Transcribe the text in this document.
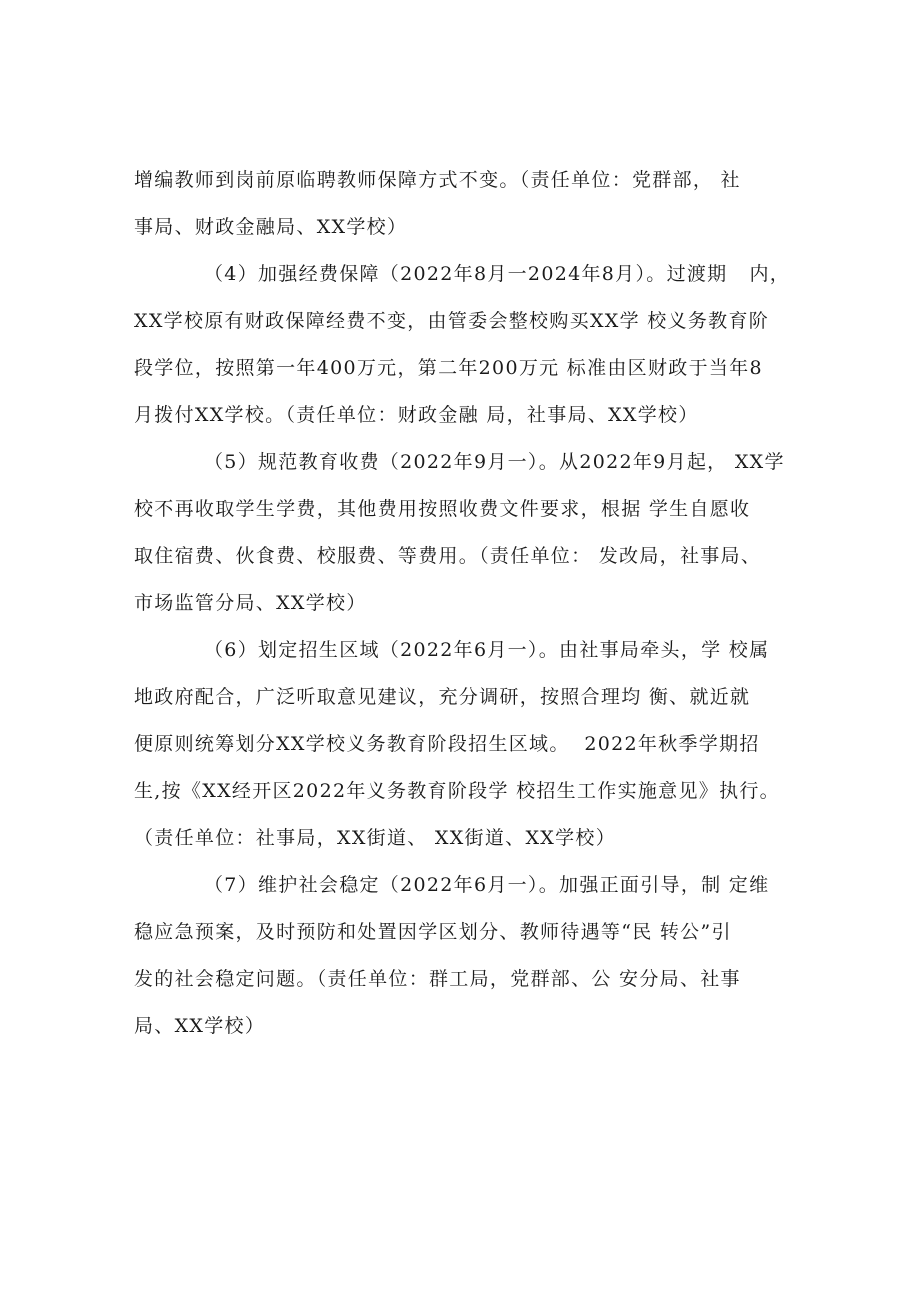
增编教师到岗前原临聘教师保障方式不变。（责任单位：党群部， 社
事局、财政金融局、XX学校）
（4）加强经费保障（2022年8月一2024年8月）。过渡期   内，
XX学校原有财政保障经费不变，由管委会整校购买XX学 校义务教育阶
段学位，按照第一年400万元，第二年200万元 标准由区财政于当年8
月拨付XX学校。（责任单位：财政金融 局，社事局、XX学校）
（5）规范教育收费（2022年9月一）。从2022年9月起， XX学
校不再收取学生学费，其他费用按照收费文件要求，根据 学生自愿收
取住宿费、伙食费、校服费、等费用。（责任单位： 发改局，社事局、
市场监管分局、XX学校）
（6）划定招生区域（2022年6月一）。由社事局牵头，学 校属
地政府配合，广泛听取意见建议，充分调研，按照合理均 衡、就近就
便原则统筹划分XX学校义务教育阶段招生区域。  2022年秋季学期招
生,按《XX经开区2022年义务教育阶段学 校招生工作实施意见》执行。
（责任单位：社事局，XX街道、 XX街道、XX学校）
（7）维护社会稳定（2022年6月一）。加强正面引导，制 定维
稳应急预案，及时预防和处置因学区划分、教师待遇等“民 转公”引
发的社会稳定问题。（责任单位：群工局，党群部、公 安分局、社事
局、XX学校）
